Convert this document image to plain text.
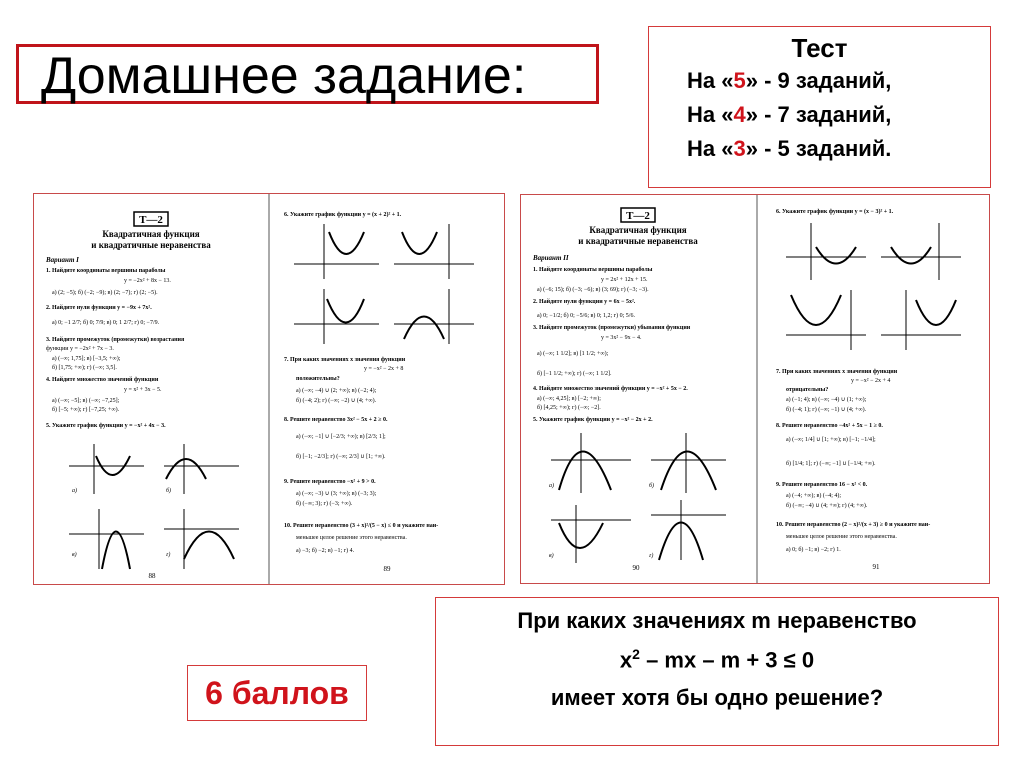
Домашнее задание:	Тест
На «5» - 9 заданий,
На «4» - 7 заданий,
На «3» - 5 заданий.
Т—2
Квадратичная функция
и квадратичные неравенства
Вариант I
1. Найдите координаты вершины параболы
y = −2x² + 8x − 13.
а) (2; −5); б) (−2; −9); в) (2; −7); г) (2; −5).
2. Найдите нули функции y = −9x + 7x².
а) 0; −1 2/7; б) 0; 7/9; в) 0; 1 2/7; г) 0; −7/9.
3. Найдите промежуток (промежутки) возрастания
функции y = −2x² + 7x − 3.
а) (−∞; 1,75]; в) [−3,5; +∞);
б) [1,75; +∞); г) (−∞; 3,5].
4. Найдите множество значений функции
y = x² + 3x − 5.
а) (−∞; −5]; в) (−∞; −7,25];
б) [−5; +∞); г) [−7,25; +∞).
5. Укажите график функции y = −x² + 4x − 3.
а)	б)
в)	г)
88
6. Укажите график функции y = (x + 2)² + 1.
7. При каких значениях x значения функции
y = −x² − 2x + 8
положительны?
а) (−∞; −4) ∪ (2; +∞); в) (−2; 4);
б) (−4; 2); г) (−∞; −2) ∪ (4; +∞).
8. Решите неравенство 3x² − 5x + 2 ≥ 0.
а) (−∞; −1] ∪ [−2/3; +∞); в) [2/3; 1];
б) [−1; −2/3]; г) (−∞; 2/3] ∪ [1; +∞).
9. Решите неравенство −x² + 9 > 0.
а) (−∞; −3) ∪ (3; +∞); в) (−3; 3);
б) (−∞; 3); г) (−3; +∞).
10. Решите неравенство (3 + x)²/(5 − x) ≤ 0 и укажите наи-
меньшее целое решение этого неравенства.
а) −3; б) −2; в) −1; г) 4.
89
Т—2
Квадратичная функция
и квадратичные неравенства
Вариант II
1. Найдите координаты вершины параболы
y = 2x² + 12x + 15.
а) (−6; 15); б) (−3; −6); в) (3; 69); г) (−3; −3).
2. Найдите нули функции y = 6x − 5x².
а) 0; −1/2; б) 0; −5/6; в) 0; 1,2; г) 0; 5/6.
3. Найдите промежуток (промежутки) убывания функции
y = 3x² − 9x − 4.
а) (−∞; 1 1/2]; в) [1 1/2; +∞);
б) [−1 1/2; +∞); г) (−∞; 1 1/2].
4. Найдите множество значений функции y = −x² + 5x − 2.
а) (−∞; 4,25]; в) [−2; +∞);
б) [4,25; +∞); г) (−∞; −2].
5. Укажите график функции y = −x² − 2x + 2.
а)	б)
в)	г)
90
6. Укажите график функции y = (x − 3)² + 1.
7. При каких значениях x значения функции
y = −x² − 2x + 4
отрицательны?
а) (−1; 4); в) (−∞; −4) ∪ (1; +∞);
б) (−4; 1); г) (−∞; −1) ∪ (4; +∞).
8. Решите неравенство −4x² + 5x − 1 ≥ 0.
а) (−∞; 1/4] ∪ [1; +∞); в) [−1; −1/4];
б) [1/4; 1]; г) (−∞; −1] ∪ [−1/4; +∞).
9. Решите неравенство 16 − x² < 0.
а) (−4; +∞); в) (−4; 4);
б) (−∞; −4) ∪ (4; +∞); г) (4; +∞).
10. Решите неравенство (2 − x)²/(x + 3) ≥ 0 и укажите наи-
меньшее целое решение этого неравенства.
а) 0; б) −1; в) −2; г) 1.
91
6 баллов
При каких значениях m неравенство
$x^2$ – mx – m + 3 ≤ 0
имеет хотя бы одно решение?
